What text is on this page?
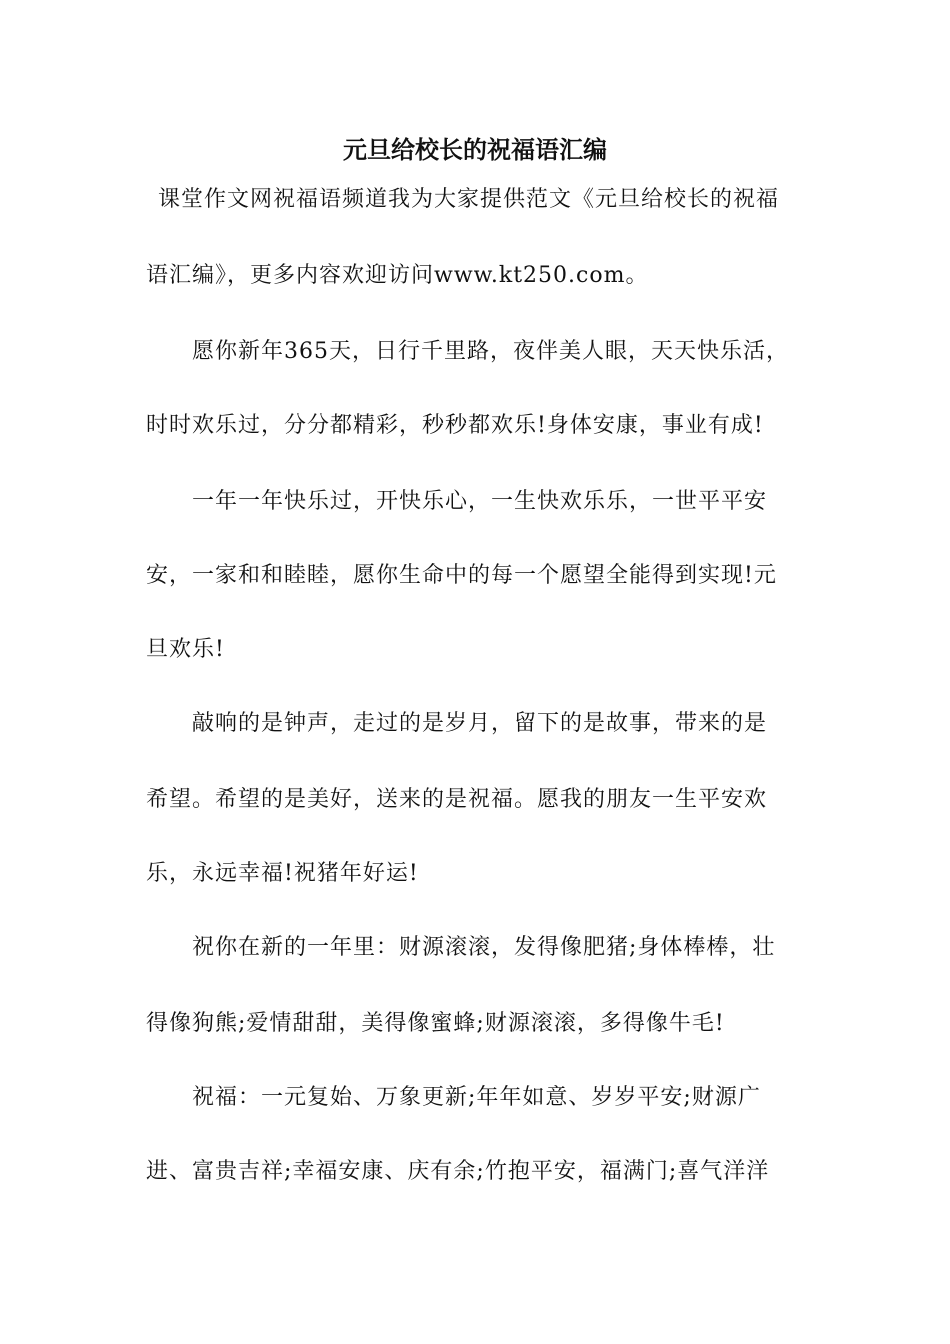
元旦给校长的祝福语汇编
课堂作文网祝福语频道我为大家提供范文《元旦给校长的祝福
语汇编》，更多内容欢迎访问www.kt250.com。
愿你新年365天，日行千里路，夜伴美人眼，天天快乐活，
时时欢乐过，分分都精彩，秒秒都欢乐!身体安康，事业有成!
一年一年快乐过，开快乐心，一生快欢乐乐，一世平平安
安，一家和和睦睦，愿你生命中的每一个愿望全能得到实现!元
旦欢乐!
敲响的是钟声，走过的是岁月，留下的是故事，带来的是
希望。希望的是美好，送来的是祝福。愿我的朋友一生平安欢
乐，永远幸福!祝猪年好运!
祝你在新的一年里：财源滚滚，发得像肥猪;身体棒棒，壮
得像狗熊;爱情甜甜，美得像蜜蜂;财源滚滚，多得像牛毛!
祝福：一元复始、万象更新;年年如意、岁岁平安;财源广
进、富贵吉祥;幸福安康、庆有余;竹抱平安，福满门;喜气洋洋
